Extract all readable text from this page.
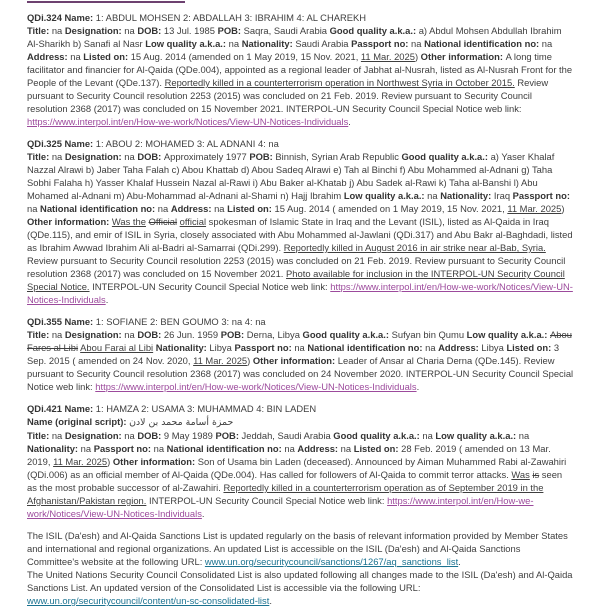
QDi.324 Name: 1: ABDUL MOHSEN 2: ABDALLAH 3: IBRAHIM 4: AL CHAREKH

Title: na Designation: na DOB: 13 Jul. 1985 POB: Saqra, Saudi Arabia Good quality a.k.a.: a) Abdul Mohsen Abdullah Ibrahim Al-Sharikh b) Sanafi al Nasr Low quality a.k.a.: na Nationality: Saudi Arabia Passport no: na National identification no: na Address: na Listed on: 15 Aug. 2014 (amended on 1 May 2019, 15 Nov. 2021, 11 Mar. 2025) Other information: A long time facilitator and financier for Al-Qaida (QDe.004), appointed as a regional leader of Jabhat al-Nusrah, listed as Al-Nusrah Front for the People of the Levant (QDe.137). Reportedly killed in a counterterrorism operation in Northwest Syria in October 2015. Review pursuant to Security Council resolution 2253 (2015) was concluded on 21 Feb. 2019. Review pursuant to Security Council resolution 2368 (2017) was concluded on 15 November 2021. INTERPOL-UN Security Council Special Notice web link: https://www.interpol.int/en/How-we-work/Notices/View-UN-Notices-Individuals.

QDi.325 Name: 1: ABOU 2: MOHAMED 3: AL ADNANI 4: na

Title: na Designation: na DOB: Approximately 1977 POB: Binnish, Syrian Arab Republic Good quality a.k.a.: a) Yaser Khalaf Nazzal Alrawi b) Jaber Taha Falah c) Abou Khattab d) Abou Sadeq Alrawi e) Tah al Binchi f) Abu Mohammed al-Adnani g) Taha Sobhi Falaha h) Yasser Khalaf Hussein Nazal al-Rawi i) Abu Baker al-Khatab j) Abu Sadek al-Rawi k) Taha al-Banshi l) Abu Mohamed al-Adnani m) Abu-Mohammad al-Adnani al-Shami n) Hajj Ibrahim Low quality a.k.a.: na Nationality: Iraq Passport no: na National identification no: na Address: na Listed on: 15 Aug. 2014 ( amended on 1 May 2019, 15 Nov. 2021, 11 Mar. 2025) Other information: Was the Official official spokesman of Islamic State in Iraq and the Levant (ISIL), listed as Al-Qaida in Iraq (QDe.115), and emir of ISIL in Syria, closely associated with Abu Mohammed al-Jawlani (QDi.317) and Abu Bakr al-Baghdadi, listed as Ibrahim Awwad Ibrahim Ali al-Badri al-Samarrai (QDi.299). Reportedly killed in August 2016 in air strike near al-Bab, Syria. Review pursuant to Security Council resolution 2253 (2015) was concluded on 21 Feb. 2019. Review pursuant to Security Council resolution 2368 (2017) was concluded on 15 November 2021. Photo available for inclusion in the INTERPOL-UN Security Council Special Notice. INTERPOL-UN Security Council Special Notice web link: https://www.interpol.int/en/How-we-work/Notices/View-UN-Notices-Individuals.

QDi.355 Name: 1: SOFIANE 2: BEN GOUMO 3: na 4: na

Title: na Designation: na DOB: 26 Jun. 1959 POB: Derna, Libya Good quality a.k.a.: Sufyan bin Qumu Low quality a.k.a.: Abou Fares al Libi Abou Farai al Libi Nationality: Libya Passport no: na National identification no: na Address: Libya Listed on: 3 Sep. 2015 ( amended on 24 Nov. 2020, 11 Mar. 2025) Other information: Leader of Ansar al Charia Derna (QDe.145). Review pursuant to Security Council resolution 2368 (2017) was concluded on 24 November 2020. INTERPOL-UN Security Council Special Notice web link: https://www.interpol.int/en/How-we-work/Notices/View-UN-Notices-Individuals.

QDi.421 Name: 1: HAMZA 2: USAMA 3: MUHAMMAD 4: BIN LADEN

Name (original script): حمزة أسامة محمد بن لادن

Title: na Designation: na DOB: 9 May 1989 POB: Jeddah, Saudi Arabia Good quality a.k.a.: na Low quality a.k.a.: na Nationality: na Passport no: na National identification no: na Address: na Listed on: 28 Feb. 2019 ( amended on 13 Mar. 2019, 11 Mar. 2025) Other information: Son of Usama bin Laden (deceased). Announced by Aiman Muhammed Rabi al-Zawahiri (QDi.006) as an official member of Al-Qaida (QDe.004). Has called for followers of Al-Qaida to commit terror attacks. Was is seen as the most probable successor of al-Zawahiri. Reportedly killed in a counterterrorism operation as of September 2019 in the Afghanistan/Pakistan region. INTERPOL-UN Security Council Special Notice web link: https://www.interpol.int/en/How-we-work/Notices/View-UN-Notices-Individuals.

The ISIL (Da'esh) and Al-Qaida Sanctions List is updated regularly on the basis of relevant information provided by Member States and international and regional organizations. An updated List is accessible on the ISIL (Da'esh) and Al-Qaida Sanctions Committee's website at the following URL: www.un.org/securitycouncil/sanctions/1267/aq_sanctions_list.

The United Nations Security Council Consolidated List is also updated following all changes made to the ISIL (Da'esh) and Al-Qaida Sanctions List. An updated version of the Consolidated List is accessible via the following URL: www.un.org/securitycouncil/content/un-sc-consolidated-list.
